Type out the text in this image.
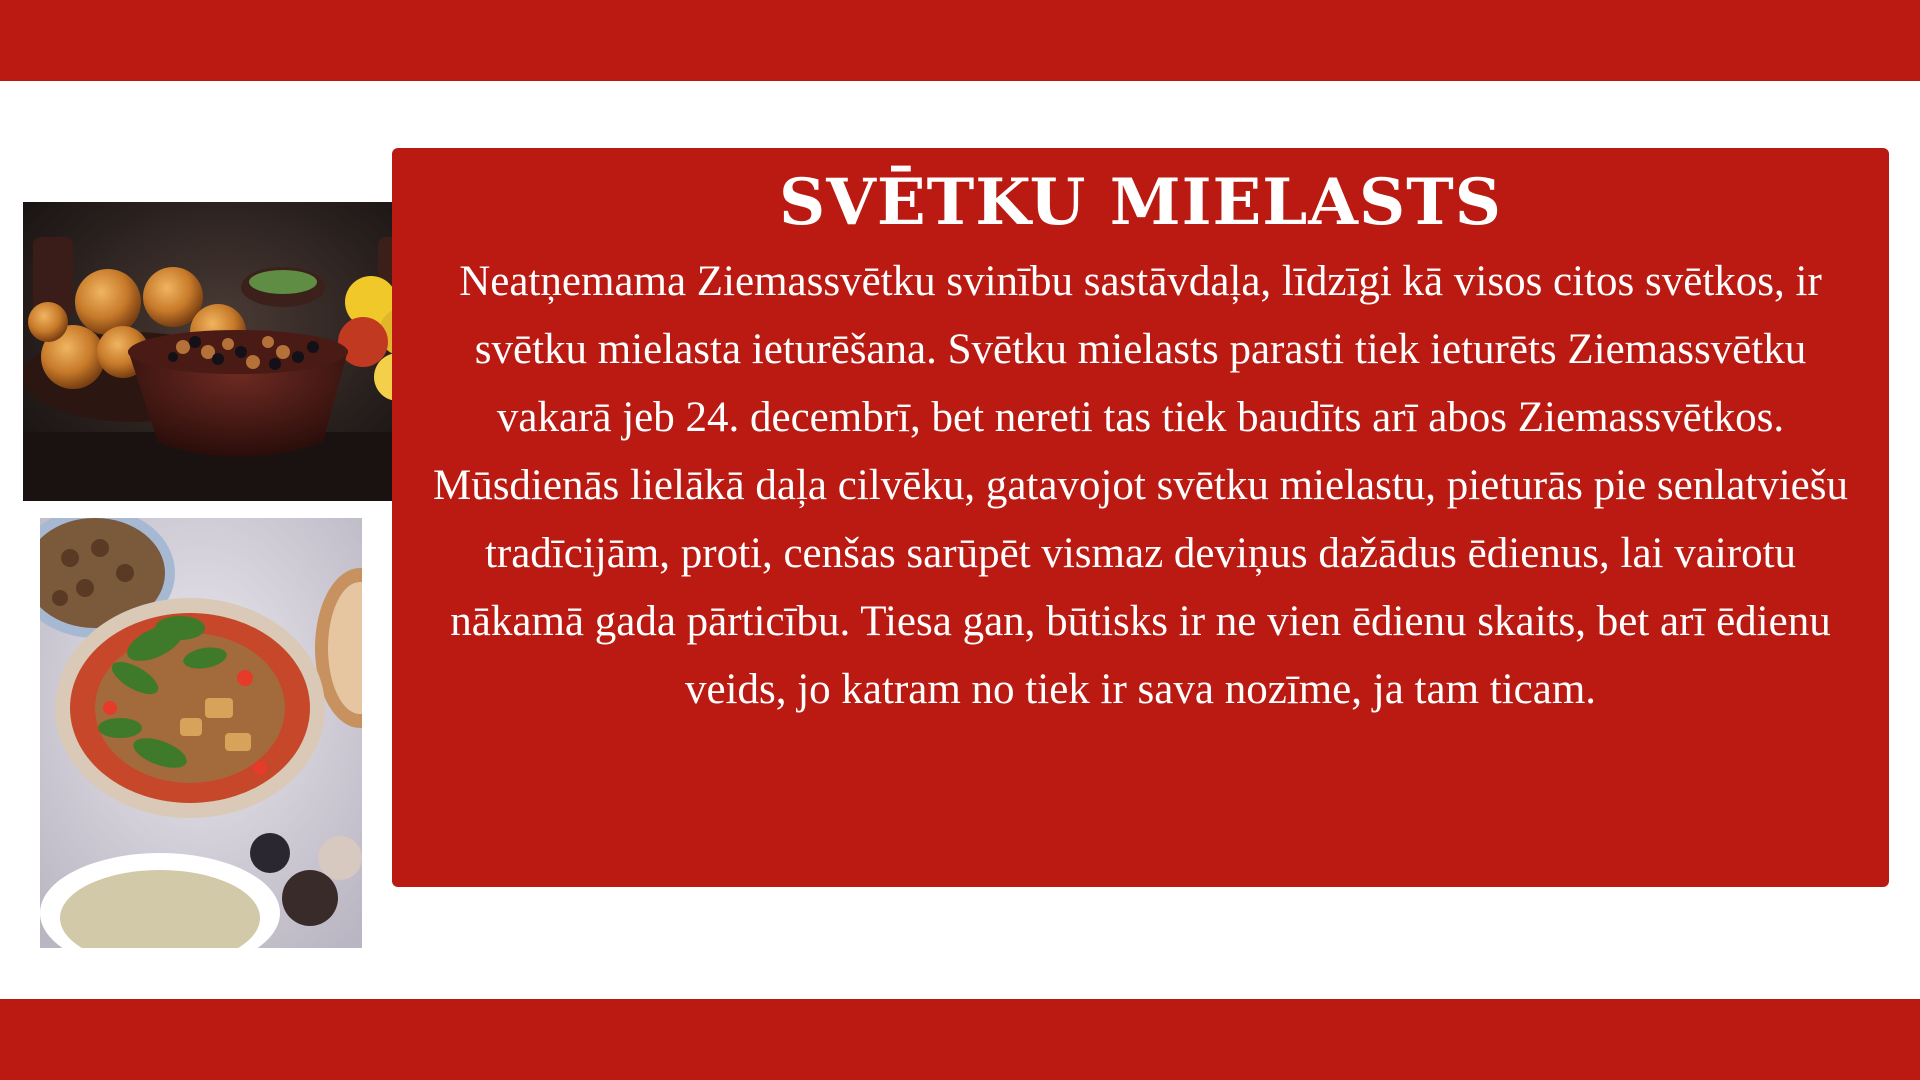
SVĒTKU MIELASTS

Neatņemama Ziemassvētku svinību sastāvdaļa, līdzīgi kā visos citos svētkos, ir svētku mielasta ieturēšana. Svētku mielasts parasti tiek ieturēts Ziemassvētku vakarā jeb 24. decembrī, bet nereti tas tiek baudīts arī abos Ziemassvētkos.

Mūsdienās lielākā daļa cilvēku, gatavojot svētku mielastu, pieturās pie senlatviešu tradīcijām, proti, cenšas sarūpēt vismaz deviņus dažādus ēdienus, lai vairotu nākamā gada pārticību. Tiesa gan, būtisks ir ne vien ēdienu skaits, bet arī ēdienu veids, jo katram no tiek ir sava nozīme, ja tam ticam.
